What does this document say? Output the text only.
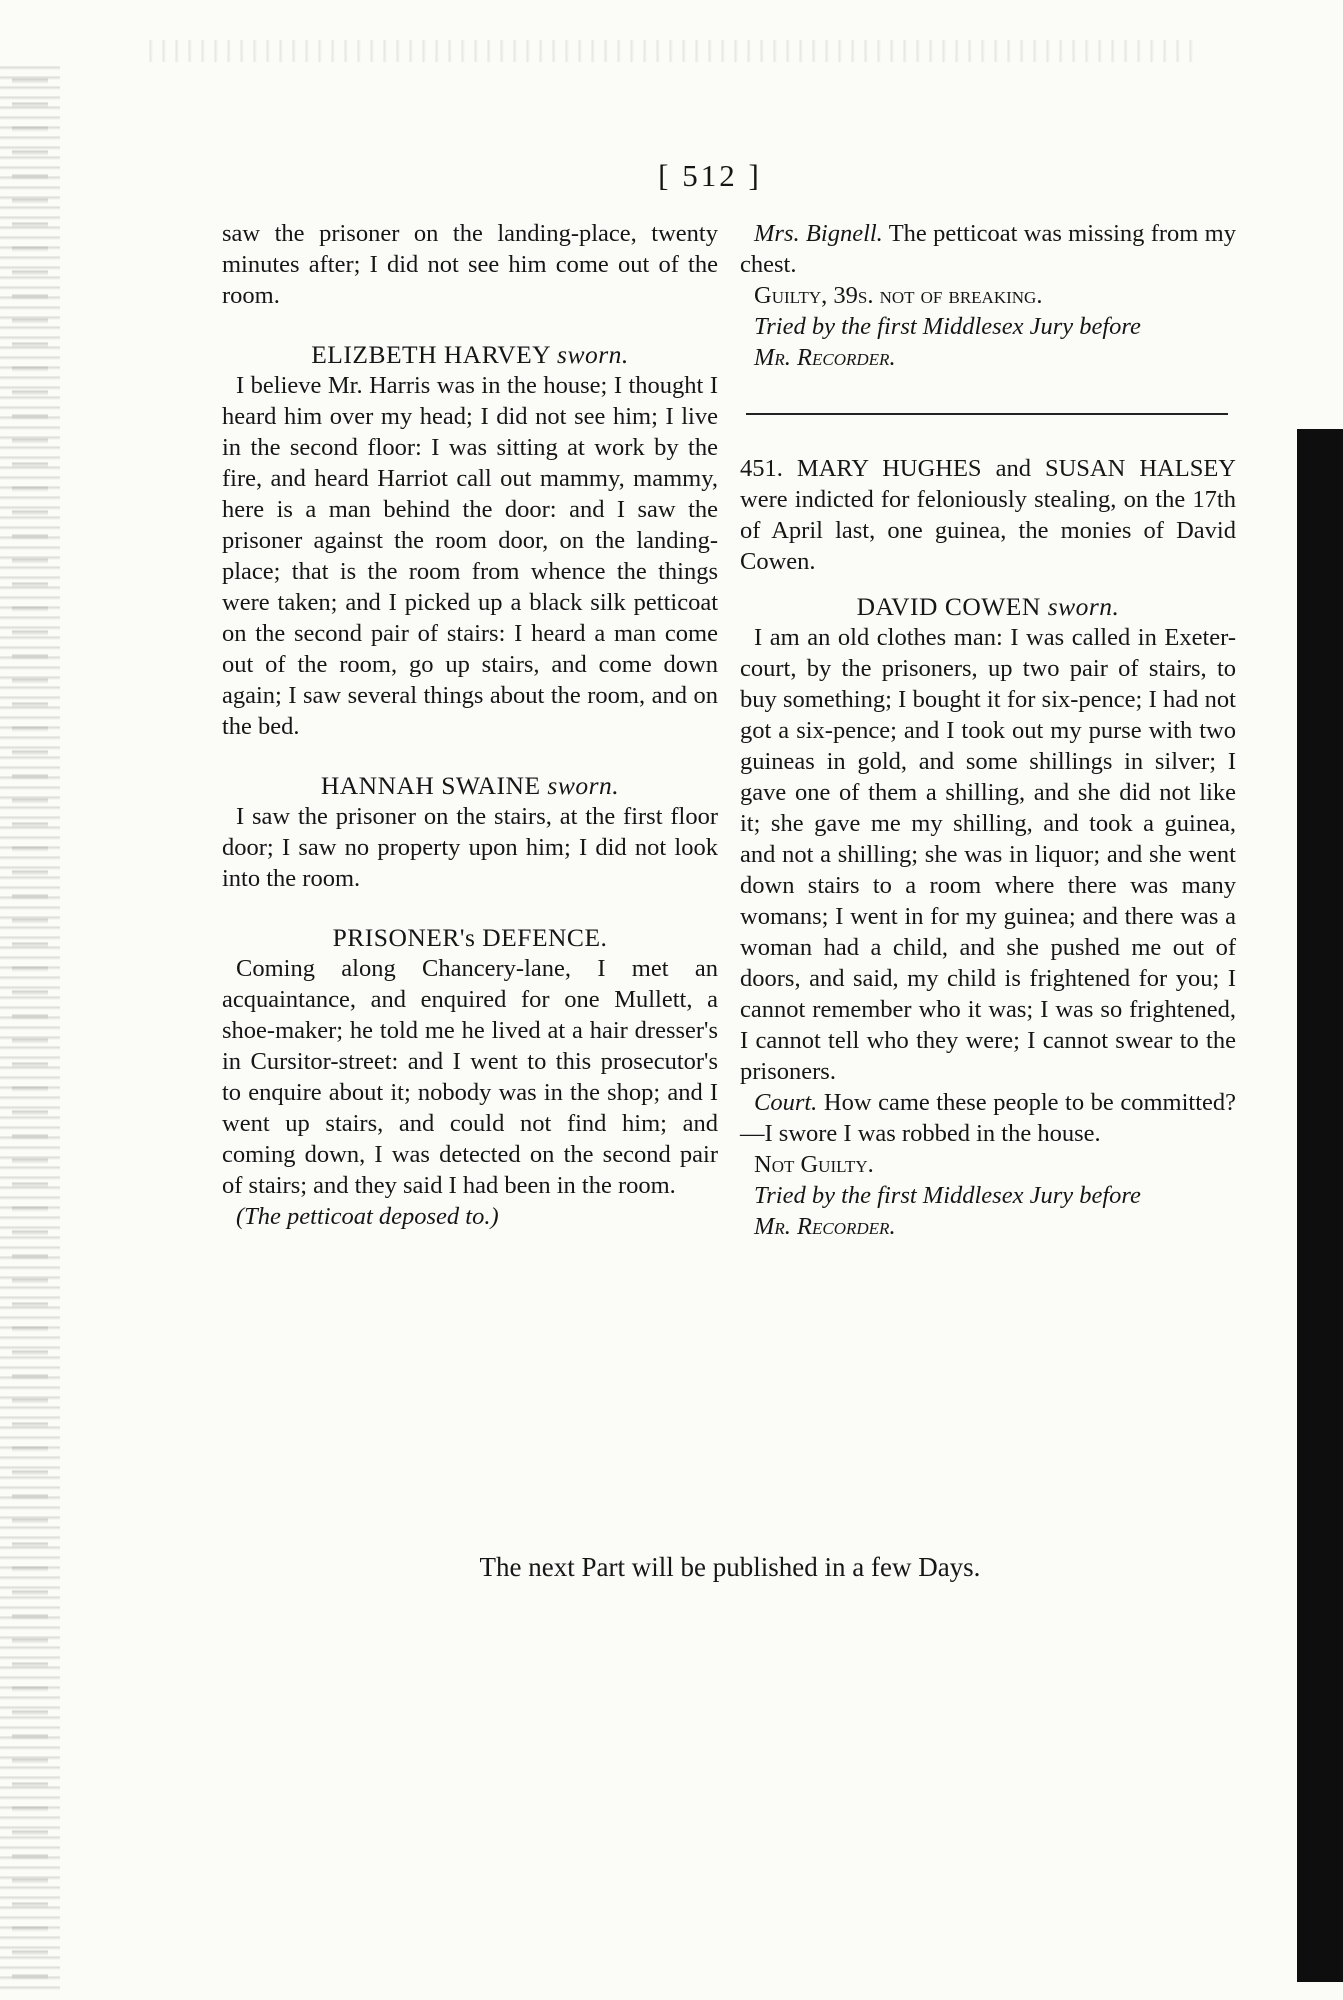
[ 512 ]

saw the prisoner on the landing-place, twenty minutes after; I did not see him come out of the room.

ELIZBETH HARVEY sworn.

I believe Mr. Harris was in the house; I thought I heard him over my head; I did not see him; I live in the second floor: I was sitting at work by the fire, and heard Harriot call out mammy, mammy, here is a man behind the door: and I saw the prisoner against the room door, on the landing-place; that is the room from whence the things were taken; and I picked up a black silk petticoat on the second pair of stairs: I heard a man come out of the room, go up stairs, and come down again; I saw several things about the room, and on the bed.

HANNAH SWAINE sworn.

I saw the prisoner on the stairs, at the first floor door; I saw no property upon him; I did not look into the room.

PRISONER's DEFENCE.

Coming along Chancery-lane, I met an acquaintance, and enquired for one Mullett, a shoe-maker; he told me he lived at a hair dresser's in Cursitor-street: and I went to this prosecutor's to enquire about it; nobody was in the shop; and I went up stairs, and could not find him; and coming down, I was detected on the second pair of stairs; and they said I had been in the room.

(The petticoat deposed to.)

Mrs. Bignell. The petticoat was missing from my chest.

Guilty, 39s. not of breaking.

Tried by the first Middlesex Jury before

Mr. Recorder.

451. MARY HUGHES and SUSAN HALSEY were indicted for feloniously stealing, on the 17th of April last, one guinea, the monies of David Cowen.

DAVID COWEN sworn.

I am an old clothes man: I was called in Exeter-court, by the prisoners, up two pair of stairs, to buy something; I bought it for six-pence; I had not got a six-pence; and I took out my purse with two guineas in gold, and some shillings in silver; I gave one of them a shilling, and she did not like it; she gave me my shilling, and took a guinea, and not a shilling; she was in liquor; and she went down stairs to a room where there was many womans; I went in for my guinea; and there was a woman had a child, and she pushed me out of doors, and said, my child is frightened for you; I cannot remember who it was; I was so frightened, I cannot tell who they were; I cannot swear to the prisoners.

Court. How came these people to be committed?—I swore I was robbed in the house.

Not Guilty.

Tried by the first Middlesex Jury before

Mr. Recorder.

The next Part will be published in a few Days.
